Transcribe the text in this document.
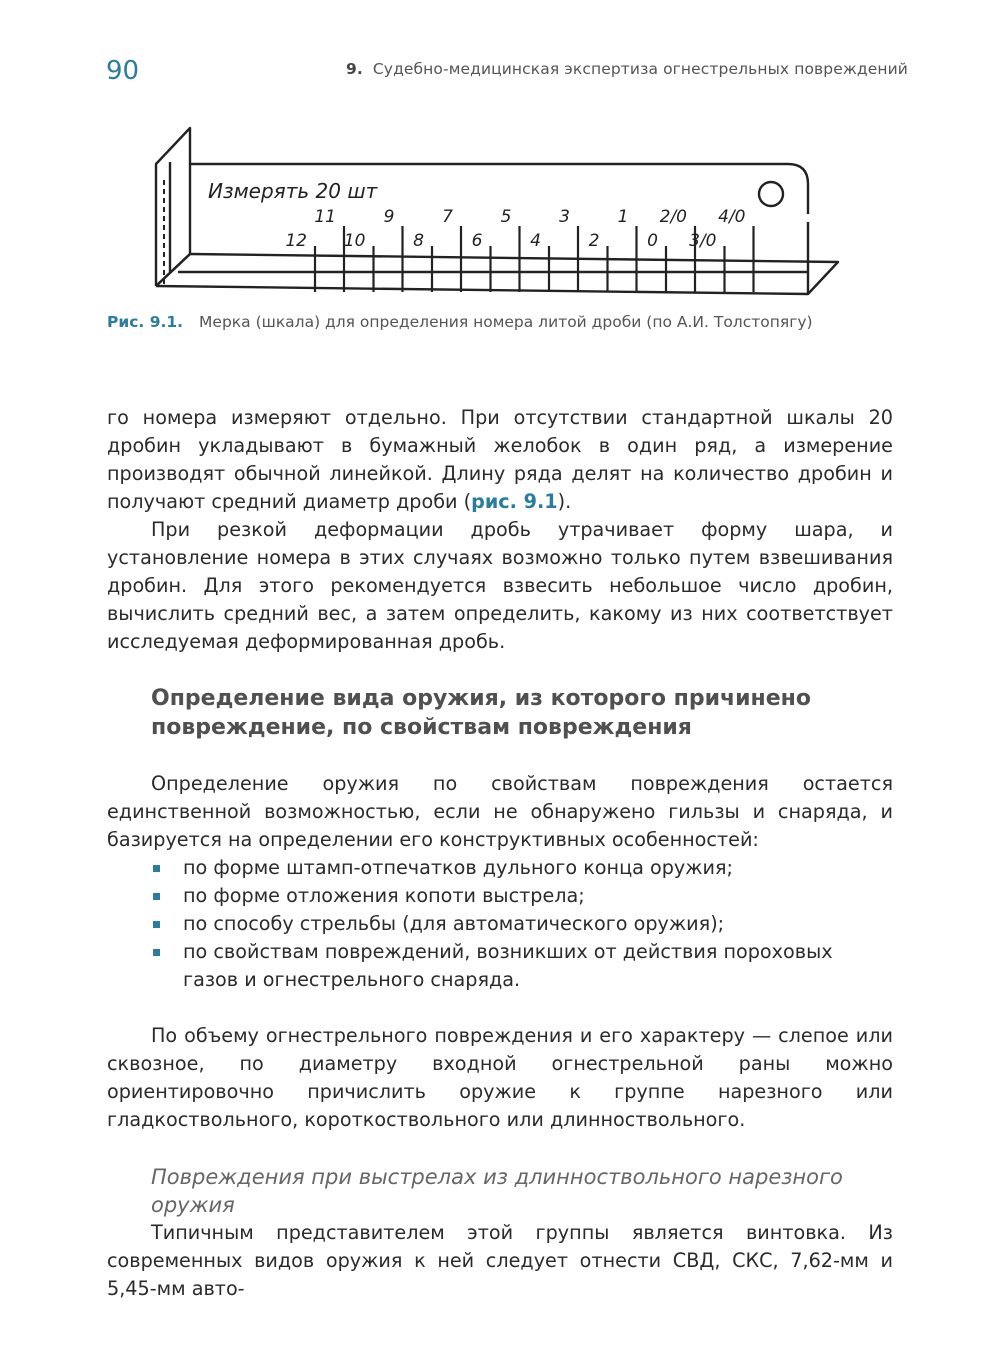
90	9. Судебно-медицинская экспертиза огнестрельных повреждений
Измерять 20 шт
11	9	7	5	3	1 2/0 4/0
12 10	8	6	4	2	0 3/0
Рис. 9.1. Мерка (шкала) для определения номера литой дроби (по А.И. Толстопягу)

го номера измеряют отдельно. При отсутствии стандартной шкалы 20 дробин укладывают в бумажный желобок в один ряд, а измерение производят обычной линейкой. Длину ряда делят на количество дробин и получают средний диаметр дроби (рис. 9.1).

При резкой деформации дробь утрачивает форму шара, и установление номера в этих случаях возможно только путем взвешивания дробин. Для этого рекомендуется взвесить небольшое число дробин, вычислить средний вес, а затем определить, какому из них соответствует исследуемая деформированная дробь.

Определение вида оружия, из которого причинено повреждение, по свойствам повреждения

Определение оружия по свойствам повреждения остается единственной возможностью, если не обнаружено гильзы и снаряда, и базируется на определении его конструктивных особенностей:

по форме штамп-отпечатков дульного конца оружия;
по форме отложения копоти выстрела;
по способу стрельбы (для автоматического оружия);
по свойствам повреждений, возникших от действия пороховых газов и огнестрельного снаряда.

По объему огнестрельного повреждения и его характеру — слепое или сквозное, по диаметру входной огнестрельной раны можно ориентировочно причислить оружие к группе нарезного или гладкоствольного, короткоствольного или длинноствольного.

Повреждения при выстрелах из длинноствольного нарезного оружия

Типичным представителем этой группы является винтовка. Из современных видов оружия к ней следует отнести СВД, СКС, 7,62-мм и 5,45-мм авто-
